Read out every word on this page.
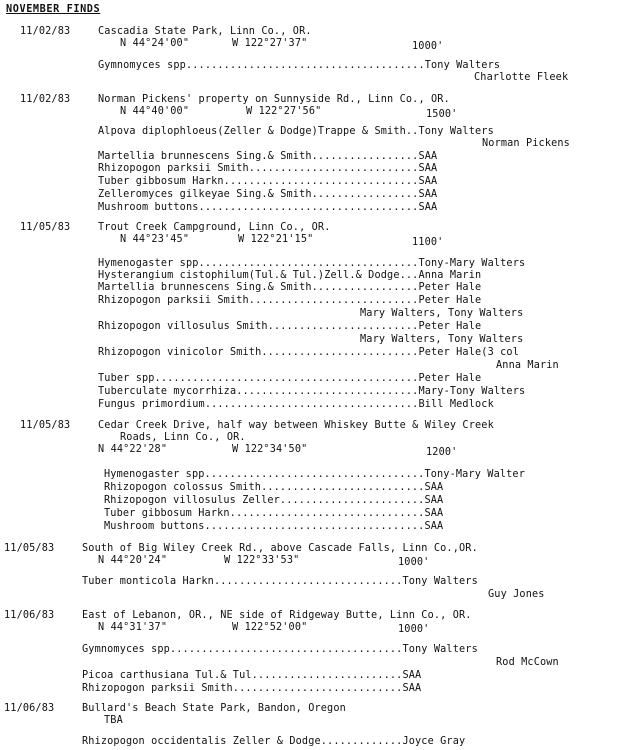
NOVEMBER FINDS
11/02/83	Cascadia State Park, Linn Co., OR.
N 44°24'00"	W 122°27'37"	1000'
Gymnomyces spp......................................Tony Walters
Charlotte Fleek
11/02/83	Norman Pickens' property on Sunnyside Rd., Linn Co., OR.
N 44°40'00"	W 122°27'56"	1500'
Alpova diplophloeus(Zeller & Dodge)Trappe & Smith..Tony Walters
Norman Pickens
Martellia brunnescens Sing.& Smith.................SAA
Rhizopogon parksii Smith...........................SAA
Tuber gibbosum Harkn...............................SAA
Zelleromyces gilkeyae Sing.& Smith.................SAA
Mushroom buttons...................................SAA
11/05/83	Trout Creek Campground, Linn Co., OR.
N 44°23'45"	W 122°21'15"	1100'
Hymenogaster spp...................................Tony-Mary Walters
Hysterangium cistophilum(Tul.& Tul.)Zell.& Dodge...Anna Marin
Martellia brunnescens Sing.& Smith.................Peter Hale
Rhizopogon parksii Smith...........................Peter Hale
Mary Walters, Tony Walters
Rhizopogon villosulus Smith........................Peter Hale
Mary Walters, Tony Walters
Rhizopogon vinicolor Smith.........................Peter Hale(3 col
Anna Marin
Tuber spp..........................................Peter Hale
Tuberculate mycorrhiza.............................Mary-Tony Walters
Fungus primordium..................................Bill Medlock
11/05/83	Cedar Creek Drive, half way between Whiskey Butte & Wiley Creek
Roads, Linn Co., OR.
N 44°22'28"	W 122°34'50"	1200'
Hymenogaster spp...................................Tony-Mary Walter
Rhizopogon colossus Smith..........................SAA
Rhizopogon villosulus Zeller.......................SAA
Tuber gibbosum Harkn...............................SAA
Mushroom buttons...................................SAA
11/05/83	South of Big Wiley Creek Rd., above Cascade Falls, Linn Co.,OR.
N 44°20'24"	W 122°33'53"	1000'
Tuber monticola Harkn..............................Tony Walters
Guy Jones
11/06/83	East of Lebanon, OR., NE side of Ridgeway Butte, Linn Co., OR.
N 44°31'37"	W 122°52'00"	1000'
Gymnomyces spp.....................................Tony Walters
Rod McCown
Picoa carthusiana Tul.& Tul........................SAA
Rhizopogon parksii Smith...........................SAA
11/06/83	Bullard's Beach State Park, Bandon, Oregon
TBA
Rhizopogon occidentalis Zeller & Dodge.............Joyce Gray
